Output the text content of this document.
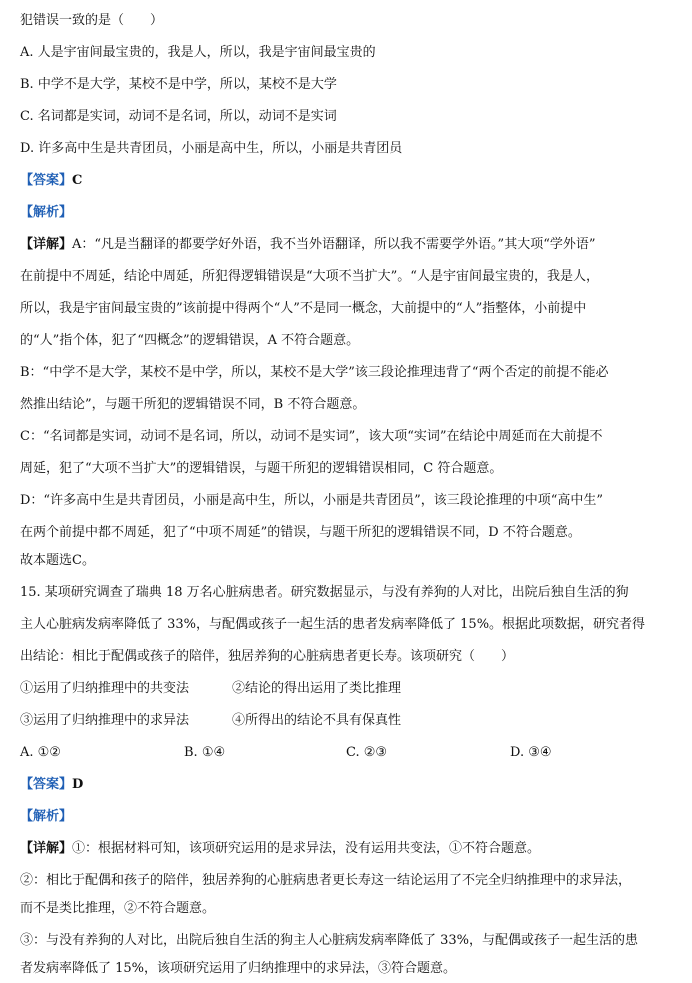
犯错误一致的是（　　）
A. 人是宇宙间最宝贵的，我是人，所以，我是宇宙间最宝贵的
B. 中学不是大学，某校不是中学，所以，某校不是大学
C. 名词都是实词，动词不是名词，所以，动词不是实词
D. 许多高中生是共青团员，小丽是高中生，所以，小丽是共青团员
【答案】C
【解析】
【详解】A：“凡是当翻译的都要学好外语，我不当外语翻译，所以我不需要学外语。”其大项“学外语”
在前提中不周延，结论中周延，所犯得逻辑错误是“大项不当扩大”。“人是宇宙间最宝贵的，我是人，
所以，我是宇宙间最宝贵的”该前提中得两个“人”不是同一概念，大前提中的“人”指整体，小前提中
的“人”指个体，犯了“四概念”的逻辑错误，A 不符合题意。
B：“中学不是大学，某校不是中学，所以，某校不是大学”该三段论推理违背了“两个否定的前提不能必
然推出结论”，与题干所犯的逻辑错误不同，B 不符合题意。
C：“名词都是实词，动词不是名词，所以，动词不是实词”，该大项“实词”在结论中周延而在大前提不
周延，犯了“大项不当扩大”的逻辑错误，与题干所犯的逻辑错误相同，C 符合题意。
D：“许多高中生是共青团员，小丽是高中生，所以，小丽是共青团员”，该三段论推理的中项“高中生”
在两个前提中都不周延，犯了“中项不周延”的错误，与题干所犯的逻辑错误不同，D 不符合题意。
故本题选C。
15. 某项研究调查了瑞典 18 万名心脏病患者。研究数据显示，与没有养狗的人对比，出院后独自生活的狗
主人心脏病发病率降低了 33%，与配偶或孩子一起生活的患者发病率降低了 15%。根据此项数据，研究者得
出结论：相比于配偶或孩子的陪伴，独居养狗的心脏病患者更长寿。该项研究（　　）
①运用了归纳推理中的共变法	②结论的得出运用了类比推理
③运用了归纳推理中的求异法	④所得出的结论不具有保真性
A. ①②	B. ①④	C. ②③	D. ③④
【答案】D
【解析】
【详解】①：根据材料可知，该项研究运用的是求异法，没有运用共变法，①不符合题意。
②：相比于配偶和孩子的陪伴，独居养狗的心脏病患者更长寿这一结论运用了不完全归纳推理中的求异法，
而不是类比推理，②不符合题意。
③：与没有养狗的人对比，出院后独自生活的狗主人心脏病发病率降低了 33%，与配偶或孩子一起生活的患
者发病率降低了 15%，该项研究运用了归纳推理中的求异法，③符合题意。
